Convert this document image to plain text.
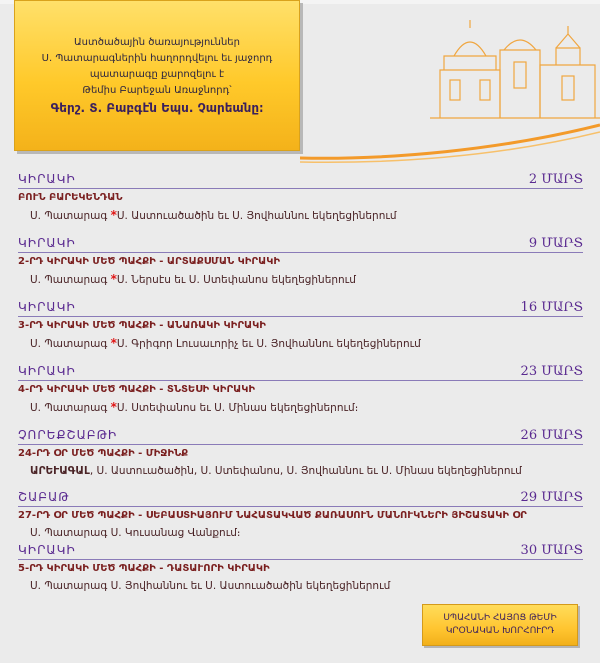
Աստծածային ծառայություններ
Ս. Պատարագներին հաղորդվելու եւ յաջորդ
պատարագը քարոզելու է
Թեմիս Բարեջան Առաջնորդ՝
Գերշ. Տ. Բաբգէն Եպս. Չարեանը։
ԿԻՐԱԿԻ	2 ՄԱՐՏ
ԲՈՒՆ ԲԱՐԵԿԵՆԴԱՆ
Ս. Պատարագ *Ս. Աստուածածին եւ Ս. Յովհաննու եկեղեցիներում
ԿԻՐԱԿԻ	9 ՄԱՐՏ
2-ՐԴ ԿԻՐԱԿԻ ՄԵԾ ՊԱՀՔԻ - ԱՐՏԱՔՍՄԱՆ ԿԻՐԱԿԻ
Ս. Պատարագ *Ս. Ներսէս եւ Ս. Ստեփանոս եկեղեցիներում
ԿԻՐԱԿԻ	16 ՄԱՐՏ
3-ՐԴ ԿԻՐԱԿԻ ՄԵԾ ՊԱՀՔԻ - ԱՆԱՌԱԿԻ ԿԻՐԱԿԻ
Ս. Պատարագ *Ս. Գրիգոր Լուսաւորիչ եւ Ս. Յովհաննու եկեղեցիներում
ԿԻՐԱԿԻ	23 ՄԱՐՏ
4-ՐԴ ԿԻՐԱԿԻ ՄԵԾ ՊԱՀՔԻ - ՏՆՏԵՍԻ ԿԻՐԱԿԻ
Ս. Պատարագ *Ս. Ստեփանոս եւ Ս. Մինաս եկեղեցիներում։
ՉՈՐԵՔՇԱԲԹԻ	26 ՄԱՐՏ
24-ՐԴ ՕՐ ՄԵԾ ՊԱՀՔԻ - ՄԻՋԻՆՔ
ԱՐԵՒԱԳԱԼ, Ս. Աստուածածին, Ս. Ստեփանոս, Ս. Յովհաննու եւ Ս. Մինաս եկեղեցիներում
ՇԱԲԱԹ	29 ՄԱՐՏ
27-ՐԴ ՕՐ ՄԵԾ ՊԱՀՔԻ - ՍԵԲԱՍՏԻԱՅՈՒՄ ՆԱՀԱՏԱԿՎԱԾ ՔԱՌԱՍՈՒՆ ՄԱՆՈՒԿՆԵՐԻ ՅԻՇԱՏԱԿԻ ՕՐ
Ս. Պատարագ Ս. Կուսանաց Վանքում։
ԿԻՐԱԿԻ	30 ՄԱՐՏ
5-ՐԴ ԿԻՐԱԿԻ ՄԵԾ ՊԱՀՔԻ - ԴԱՏԱՒՈՐԻ ԿԻՐԱԿԻ
Ս. Պատարագ Ս. Յովհաննու եւ Ս. Աստուածածին եկեղեցիներում
ՍՊԱՀԱՆԻ ՀԱՅՈՑ ԹԵՄԻ
ԿՐՕՆԱԿԱՆ ԽՈՐՀՈՒՐԴ
